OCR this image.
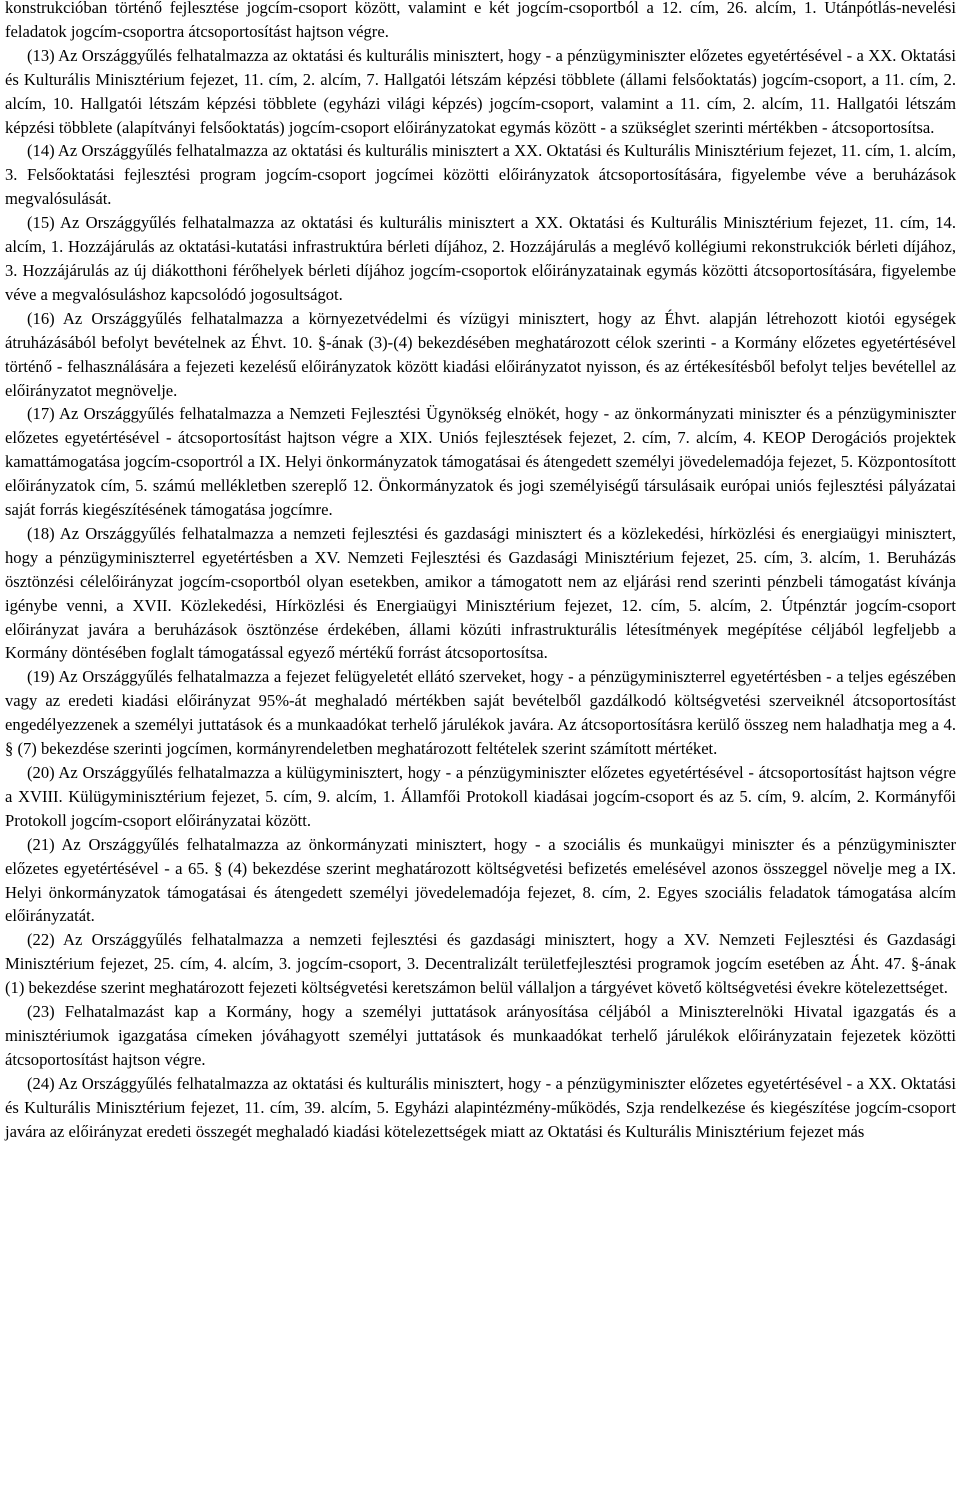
konstrukcióban történő fejlesztése jogcím-csoport között, valamint e két jogcím-csoportból a 12. cím, 26. alcím, 1. Utánpótlás-nevelési feladatok jogcím-csoportra átcsoportosítást hajtson végre.

(13) Az Országgyűlés felhatalmazza az oktatási és kulturális minisztert, hogy - a pénzügyminiszter előzetes egyetértésével - a XX. Oktatási és Kulturális Minisztérium fejezet, 11. cím, 2. alcím, 7. Hallgatói létszám képzési többlete (állami felsőoktatás) jogcím-csoport, a 11. cím, 2. alcím, 10. Hallgatói létszám képzési többlete (egyházi világi képzés) jogcím-csoport, valamint a 11. cím, 2. alcím, 11. Hallgatói létszám képzési többlete (alapítványi felsőoktatás) jogcím-csoport előirányzatokat egymás között - a szükséglet szerinti mértékben - átcsoportosítsa.

(14) Az Országgyűlés felhatalmazza az oktatási és kulturális minisztert a XX. Oktatási és Kulturális Minisztérium fejezet, 11. cím, 1. alcím, 3. Felsőoktatási fejlesztési program jogcím-csoport jogcímei közötti előirányzatok átcsoportosítására, figyelembe véve a beruházások megvalósulását.

(15) Az Országgyűlés felhatalmazza az oktatási és kulturális minisztert a XX. Oktatási és Kulturális Minisztérium fejezet, 11. cím, 14. alcím, 1. Hozzájárulás az oktatási-kutatási infrastruktúra bérleti díjához, 2. Hozzájárulás a meglévő kollégiumi rekonstrukciók bérleti díjához, 3. Hozzájárulás az új diákotthoni férőhelyek bérleti díjához jogcím-csoportok előirányzatainak egymás közötti átcsoportosítására, figyelembe véve a megvalósuláshoz kapcsolódó jogosultságot.

(16) Az Országgyűlés felhatalmazza a környezetvédelmi és vízügyi minisztert, hogy az Éhvt. alapján létrehozott kiotói egységek átruházásából befolyt bevételnek az Éhvt. 10. §-ának (3)-(4) bekezdésében meghatározott célok szerinti - a Kormány előzetes egyetértésével történő - felhasználására a fejezeti kezelésű előirányzatok között kiadási előirányzatot nyisson, és az értékesítésből befolyt teljes bevétellel az előirányzatot megnövelje.

(17) Az Országgyűlés felhatalmazza a Nemzeti Fejlesztési Ügynökség elnökét, hogy - az önkormányzati miniszter és a pénzügyminiszter előzetes egyetértésével - átcsoportosítást hajtson végre a XIX. Uniós fejlesztések fejezet, 2. cím, 7. alcím, 4. KEOP Derogációs projektek kamattámogatása jogcím-csoportról a IX. Helyi önkormányzatok támogatásai és átengedett személyi jövedelemadója fejezet, 5. Központosított előirányzatok cím, 5. számú mellékletben szereplő 12. Önkormányzatok és jogi személyiségű társulásaik európai uniós fejlesztési pályázatai saját forrás kiegészítésének támogatása jogcímre.

(18) Az Országgyűlés felhatalmazza a nemzeti fejlesztési és gazdasági minisztert és a közlekedési, hírközlési és energiaügyi minisztert, hogy a pénzügyminiszterrel egyetértésben a XV. Nemzeti Fejlesztési és Gazdasági Minisztérium fejezet, 25. cím, 3. alcím, 1. Beruházás ösztönzési célelőirányzat jogcím-csoportból olyan esetekben, amikor a támogatott nem az eljárási rend szerinti pénzbeli támogatást kívánja igénybe venni, a XVII. Közlekedési, Hírközlési és Energiaügyi Minisztérium fejezet, 12. cím, 5. alcím, 2. Útpénztár jogcím-csoport előirányzat javára a beruházások ösztönzése érdekében, állami közúti infrastrukturális létesítmények megépítése céljából legfeljebb a Kormány döntésében foglalt támogatással egyező mértékű forrást átcsoportosítsa.

(19) Az Országgyűlés felhatalmazza a fejezet felügyeletét ellátó szerveket, hogy - a pénzügyminiszterrel egyetértésben - a teljes egészében vagy az eredeti kiadási előirányzat 95%-át meghaladó mértékben saját bevételből gazdálkodó költségvetési szerveiknél átcsoportosítást engedélyezzenek a személyi juttatások és a munkaadókat terhelő járulékok javára. Az átcsoportosításra kerülő összeg nem haladhatja meg a 4. § (7) bekezdése szerinti jogcímen, kormányrendeletben meghatározott feltételek szerint számított mértéket.

(20) Az Országgyűlés felhatalmazza a külügyminisztert, hogy - a pénzügyminiszter előzetes egyetértésével - átcsoportosítást hajtson végre a XVIII. Külügyminisztérium fejezet, 5. cím, 9. alcím, 1. Államfői Protokoll kiadásai jogcím-csoport és az 5. cím, 9. alcím, 2. Kormányfői Protokoll jogcím-csoport előirányzatai között.

(21) Az Országgyűlés felhatalmazza az önkormányzati minisztert, hogy - a szociális és munkaügyi miniszter és a pénzügyminiszter előzetes egyetértésével - a 65. § (4) bekezdése szerint meghatározott költségvetési befizetés emelésével azonos összeggel növelje meg a IX. Helyi önkormányzatok támogatásai és átengedett személyi jövedelemadója fejezet, 8. cím, 2. Egyes szociális feladatok támogatása alcím előirányzatát.

(22) Az Országgyűlés felhatalmazza a nemzeti fejlesztési és gazdasági minisztert, hogy a XV. Nemzeti Fejlesztési és Gazdasági Minisztérium fejezet, 25. cím, 4. alcím, 3. jogcím-csoport, 3. Decentralizált területfejlesztési programok jogcím esetében az Áht. 47. §-ának (1) bekezdése szerint meghatározott fejezeti költségvetési keretszámon belül vállaljon a tárgyévet követő költségvetési évekre kötelezettséget.

(23) Felhatalmazást kap a Kormány, hogy a személyi juttatások arányosítása céljából a Miniszterelnöki Hivatal igazgatás és a minisztériumok igazgatása címeken jóváhagyott személyi juttatások és munkaadókat terhelő járulékok előirányzatain fejezetek közötti átcsoportosítást hajtson végre.

(24) Az Országgyűlés felhatalmazza az oktatási és kulturális minisztert, hogy - a pénzügyminiszter előzetes egyetértésével - a XX. Oktatási és Kulturális Minisztérium fejezet, 11. cím, 39. alcím, 5. Egyházi alapintézmény-működés, Szja rendelkezése és kiegészítése jogcím-csoport javára az előirányzat eredeti összegét meghaladó kiadási kötelezettségek miatt az Oktatási és Kulturális Minisztérium fejezet más
